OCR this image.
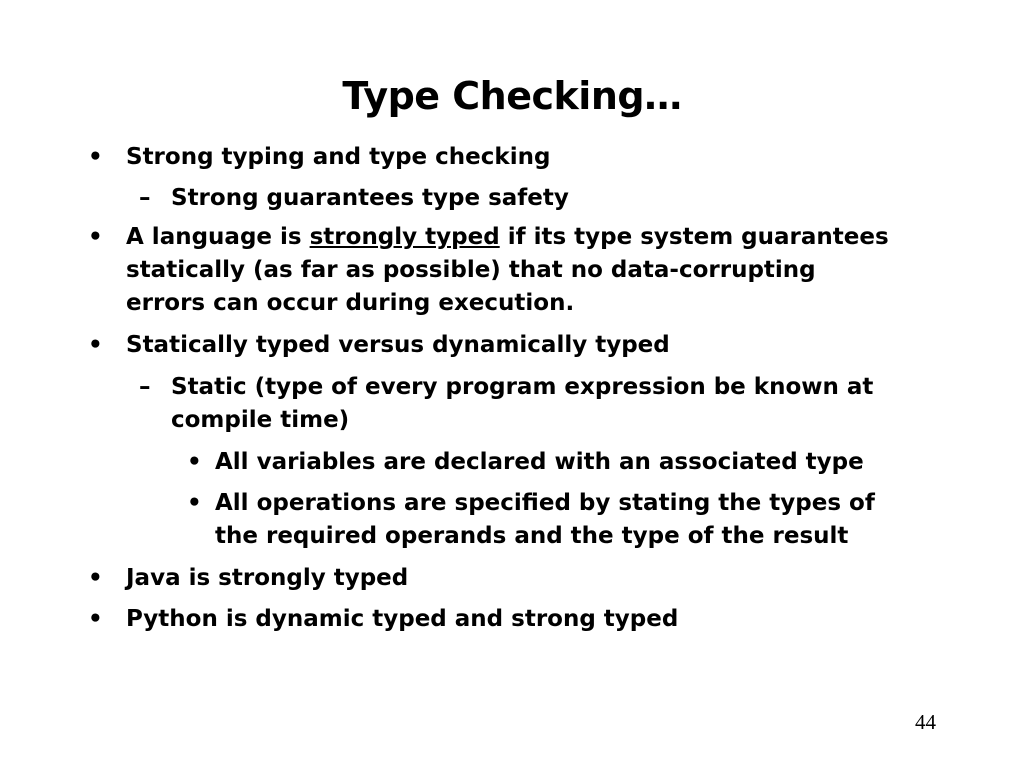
Type Checking…
• Strong typing and type checking
– Strong guarantees type safety
• A language is strongly typed if its type system guarantees
statically (as far as possible) that no data-corrupting
errors can occur during execution.
• Statically typed versus dynamically typed
– Static (type of every program expression be known at
compile time)
• All variables are declared with an associated type
• All operations are specified by stating the types of
the required operands and the type of the result
• Java is strongly typed
• Python is dynamic typed and strong typed
44
